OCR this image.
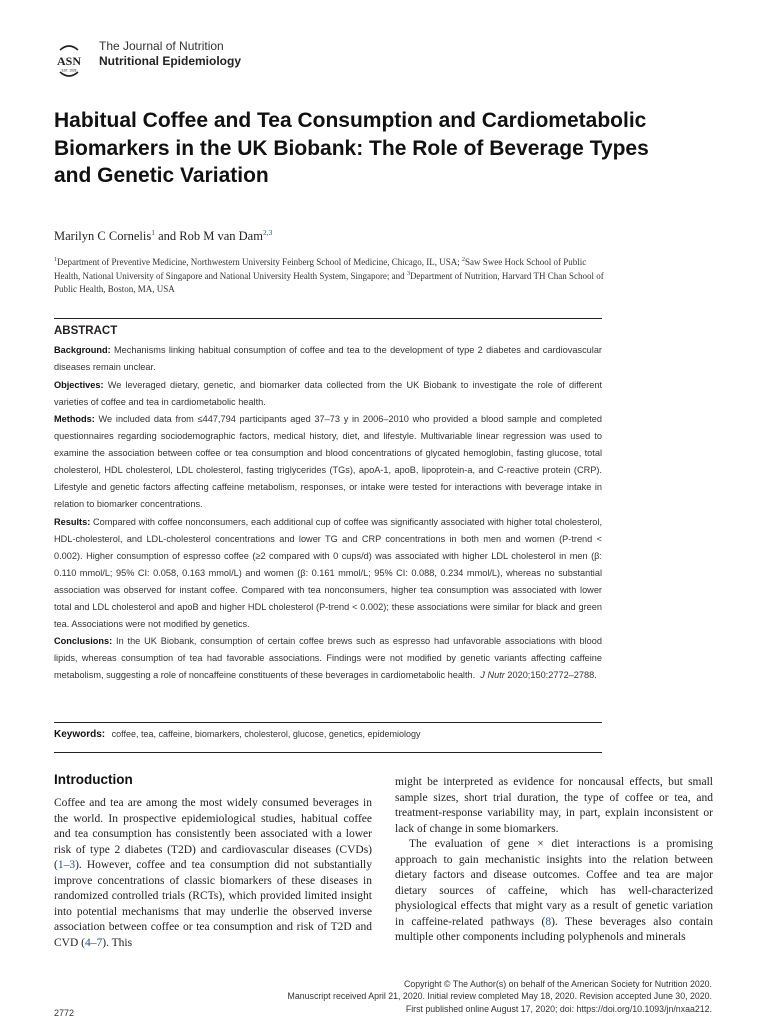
ASN
EST. 1928
The Journal of Nutrition
Nutritional Epidemiology
Habitual Coffee and Tea Consumption and Cardiometabolic Biomarkers in the UK Biobank: The Role of Beverage Types and Genetic Variation
Marilyn C Cornelis$^1$ and Rob M van Dam$^{2,3}$
$^1$Department of Preventive Medicine, Northwestern University Feinberg School of Medicine, Chicago, IL, USA; $^2$Saw Swee Hock School of Public Health, National University of Singapore and National University Health System, Singapore; and $^3$Department of Nutrition, Harvard TH Chan School of Public Health, Boston, MA, USA
ABSTRACT

Background: Mechanisms linking habitual consumption of coffee and tea to the development of type 2 diabetes and cardiovascular diseases remain unclear.

Objectives: We leveraged dietary, genetic, and biomarker data collected from the UK Biobank to investigate the role of different varieties of coffee and tea in cardiometabolic health.

Methods: We included data from ≤447,794 participants aged 37–73 y in 2006–2010 who provided a blood sample and completed questionnaires regarding sociodemographic factors, medical history, diet, and lifestyle. Multivariable linear regression was used to examine the association between coffee or tea consumption and blood concentrations of glycated hemoglobin, fasting glucose, total cholesterol, HDL cholesterol, LDL cholesterol, fasting triglycerides (TGs), apoA-1, apoB, lipoprotein-a, and C-reactive protein (CRP). Lifestyle and genetic factors affecting caffeine metabolism, responses, or intake were tested for interactions with beverage intake in relation to biomarker concentrations.

Results: Compared with coffee nonconsumers, each additional cup of coffee was significantly associated with higher total cholesterol, HDL-cholesterol, and LDL-cholesterol concentrations and lower TG and CRP concentrations in both men and women (P-trend < 0.002). Higher consumption of espresso coffee (≥2 compared with 0 cups/d) was associated with higher LDL cholesterol in men (β: 0.110 mmol/L; 95% CI: 0.058, 0.163 mmol/L) and women (β: 0.161 mmol/L; 95% CI: 0.088, 0.234 mmol/L), whereas no substantial association was observed for instant coffee. Compared with tea nonconsumers, higher tea consumption was associated with lower total and LDL cholesterol and apoB and higher HDL cholesterol (P-trend < 0.002); these associations were similar for black and green tea. Associations were not modified by genetics.

Conclusions: In the UK Biobank, consumption of certain coffee brews such as espresso had unfavorable associations with blood lipids, whereas consumption of tea had favorable associations. Findings were not modified by genetic variants affecting caffeine metabolism, suggesting a role of noncaffeine constituents of these beverages in cardiometabolic health. J Nutr 2020;150:2772–2788.

Keywords: coffee, tea, caffeine, biomarkers, cholesterol, glucose, genetics, epidemiology
Introduction

Coffee and tea are among the most widely consumed beverages in the world. In prospective epidemiological studies, habitual coffee and tea consumption has consistently been associated with a lower risk of type 2 diabetes (T2D) and cardiovascular diseases (CVDs) (1–3). However, coffee and tea consumption did not substantially improve concentrations of classic biomarkers of these diseases in randomized controlled trials (RCTs), which provided limited insight into potential mechanisms that may underlie the observed inverse association between coffee or tea consumption and risk of T2D and CVD (4–7). This

might be interpreted as evidence for noncausal effects, but small sample sizes, short trial duration, the type of coffee or tea, and treatment-response variability may, in part, explain inconsistent or lack of change in some biomarkers.

The evaluation of gene × diet interactions is a promising approach to gain mechanistic insights into the relation between dietary factors and disease outcomes. Coffee and tea are major dietary sources of caffeine, which has well-characterized physiological effects that might vary as a result of genetic variation in caffeine-related pathways (8). These beverages also contain multiple other components including polyphenols and minerals

Copyright © The Author(s) on behalf of the American Society for Nutrition 2020.
Manuscript received April 21, 2020. Initial review completed May 18, 2020. Revision accepted June 30, 2020.
First published online August 17, 2020; doi: https://doi.org/10.1093/jn/nxaa212.
2772
